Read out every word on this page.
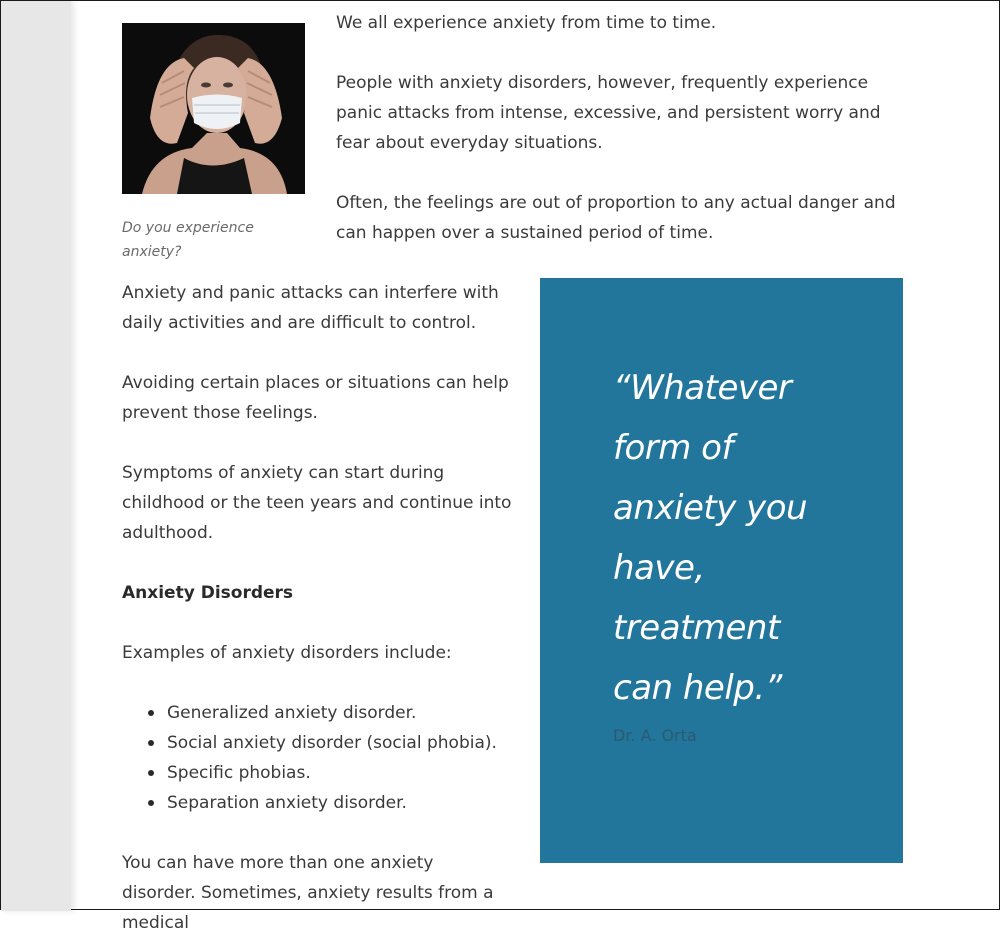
Do you experience anxiety?
We all experience anxiety from time to time.
People with anxiety disorders, however, frequently experience panic attacks from intense, excessive, and persistent worry and fear about everyday situations.
Often, the feelings are out of proportion to any actual danger and can happen over a sustained period of time.
Anxiety and panic attacks can interfere with daily activities and are difficult to control.
Avoiding certain places or situations can help prevent those feelings.
Symptoms of anxiety can start during childhood or the teen years and continue into adulthood.
Anxiety Disorders
Examples of anxiety disorders include:
Generalized anxiety disorder.
Social anxiety disorder (social phobia).
Specific phobias.
Separation anxiety disorder.
You can have more than one anxiety disorder. Sometimes, anxiety results from a medical
“Whatever form of anxiety you have, treatment can help.”
Dr. A. Orta
